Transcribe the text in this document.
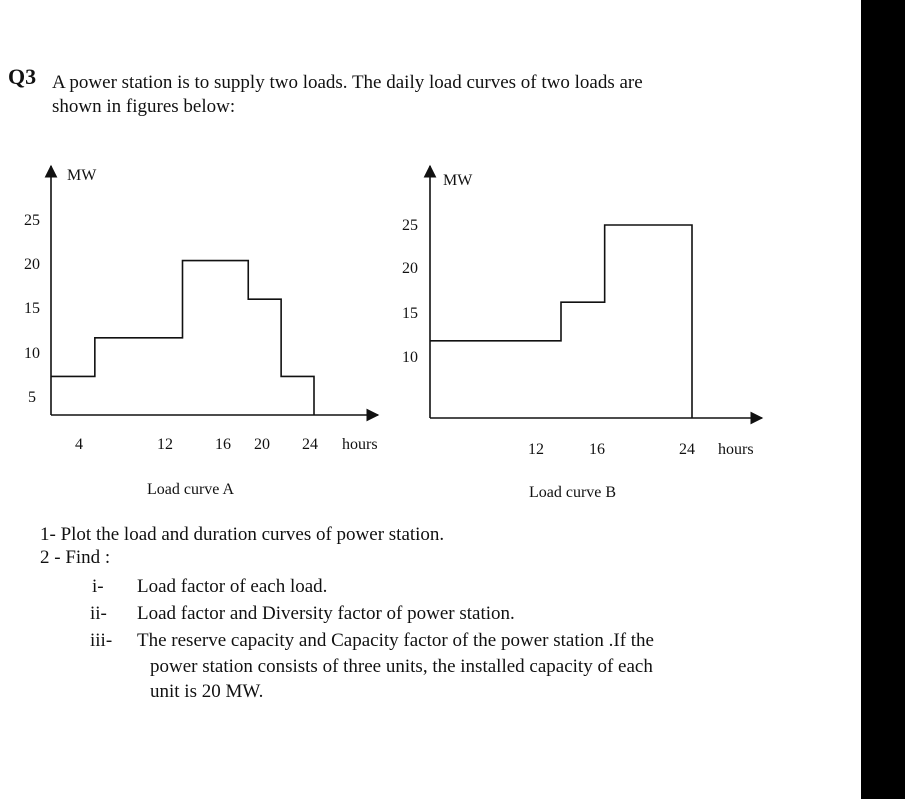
Q3 A power station is to supply two loads. The daily load curves of two loads are
shown in figures below:
MW
25
20
15
10
5
4	12	16 20 24 hours
Load curve A
MW
25
20
15
10
12	16	24 hours
Load curve B
1- Plot the load and duration curves of power station.
2 - Find :
i- Load factor of each load.
ii- Load factor and Diversity factor of power station.
iii- The reserve capacity and Capacity factor of the power station .If the
power station consists of three units, the installed capacity of each
unit is 20 MW.
